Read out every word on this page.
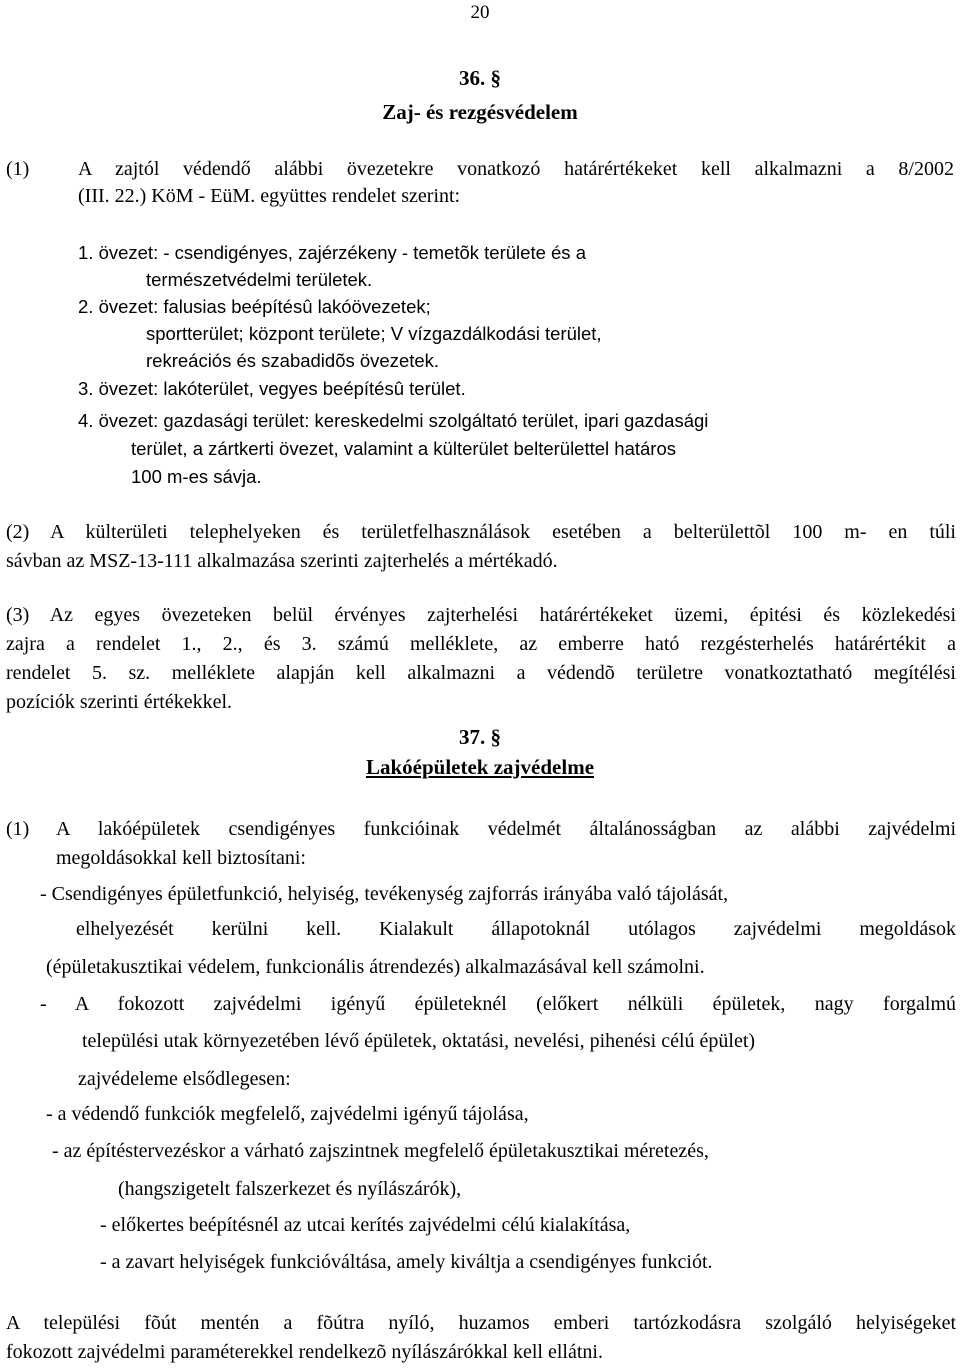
20
36. §
Zaj- és rezgésvédelem
(1) A zajtól védendő alábbi övezetekre vonatkozó határértékeket kell alkalmazni a 8/2002
(III. 22.) KöM - EüM. együttes rendelet szerint:
1. övezet: - csendigényes, zajérzékeny - temetõk területe és a
természetvédelmi területek.
2. övezet: falusias beépítésû lakóövezetek;
sportterület; központ területe; V vízgazdálkodási terület,
rekreációs és szabadidõs övezetek.
3. övezet: lakóterület, vegyes beépítésû terület.
4. övezet: gazdasági terület: kereskedelmi szolgáltató terület, ipari gazdasági
terület, a zártkerti övezet, valamint a külterület belterülettel határos
100 m-es sávja.
(2) A külterületi telephelyeken és területfelhasználások esetében a belterülettõl 100 m- en túli
sávban az MSZ-13-111 alkalmazása szerinti zajterhelés a mértékadó.
(3) Az egyes övezeteken belül érvényes zajterhelési határértékeket üzemi, épitési és közlekedési
zajra a rendelet 1., 2., és 3. számú melléklete, az emberre ható rezgésterhelés határértékit a
rendelet 5. sz. melléklete alapján kell alkalmazni a védendõ területre vonatkoztatható megítélési
pozíciók szerinti értékekkel.
37. §
Lakóépületek zajvédelme
(1) A lakóépületek csendigényes funkcióinak védelmét általánosságban az alábbi zajvédelmi
megoldásokkal kell biztosítani:
- Csendigényes épületfunkció, helyiség, tevékenység zajforrás irányába való tájolását,
elhelyezését kerülni kell. Kialakult állapotoknál utólagos zajvédelmi megoldások
(épületakusztikai védelem, funkcionális átrendezés) alkalmazásával kell számolni.
- A fokozott zajvédelmi igényű épületeknél (előkert nélküli épületek, nagy forgalmú
települési utak környezetében lévő épületek, oktatási, nevelési, pihenési célú épület)
zajvédeleme elsődlegesen:
- a védendő funkciók megfelelő, zajvédelmi igényű tájolása,
- az építéstervezéskor a várható zajszintnek megfelelő épületakusztikai méretezés,
(hangszigetelt falszerkezet és nyílászárók),
- előkertes beépítésnél az utcai kerítés zajvédelmi célú kialakítása,
- a zavart helyiségek funkcióváltása, amely kiváltja a csendigényes funkciót.
A települési fõút mentén a fõútra nyíló, huzamos emberi tartózkodásra szolgáló helyiségeket
fokozott zajvédelmi paraméterekkel rendelkezõ nyílászárókkal kell ellátni.
